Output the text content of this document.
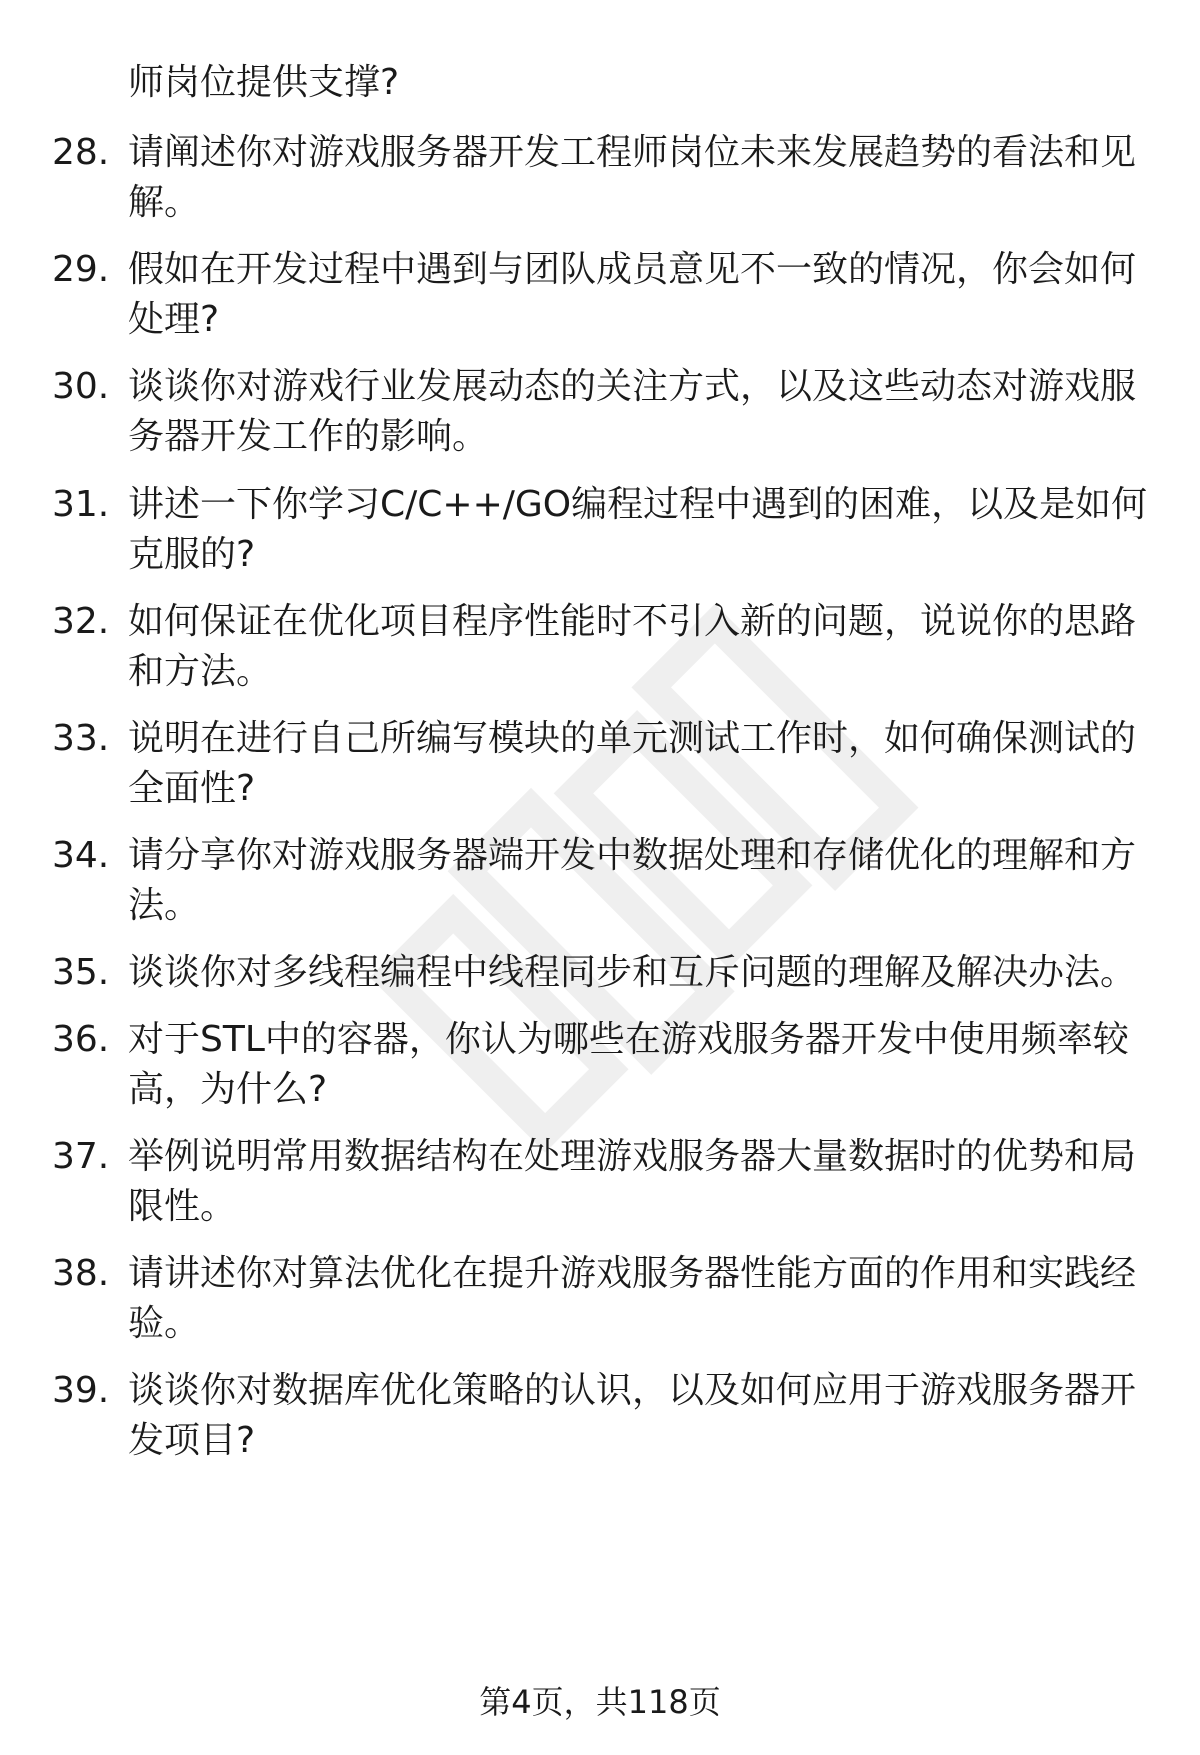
师岗位提供支撑?
28. 请阐述你对游戏服务器开发工程师岗位未来发展趋势的看法和见解。
29. 假如在开发过程中遇到与团队成员意见不一致的情况，你会如何处理?
30. 谈谈你对游戏行业发展动态的关注方式，以及这些动态对游戏服务器开发工作的影响。
31. 讲述一下你学习C/C++/GO编程过程中遇到的困难，以及是如何克服的?
32. 如何保证在优化项目程序性能时不引入新的问题，说说你的思路和方法。
33. 说明在进行自己所编写模块的单元测试工作时，如何确保测试的全面性?
34. 请分享你对游戏服务器端开发中数据处理和存储优化的理解和方法。
35. 谈谈你对多线程编程中线程同步和互斥问题的理解及解决办法。
36. 对于STL中的容器，你认为哪些在游戏服务器开发中使用频率较高，为什么?
37. 举例说明常用数据结构在处理游戏服务器大量数据时的优势和局限性。
38. 请讲述你对算法优化在提升游戏服务器性能方面的作用和实践经验。
39. 谈谈你对数据库优化策略的认识，以及如何应用于游戏服务器开发项目?
第4页，共118页
